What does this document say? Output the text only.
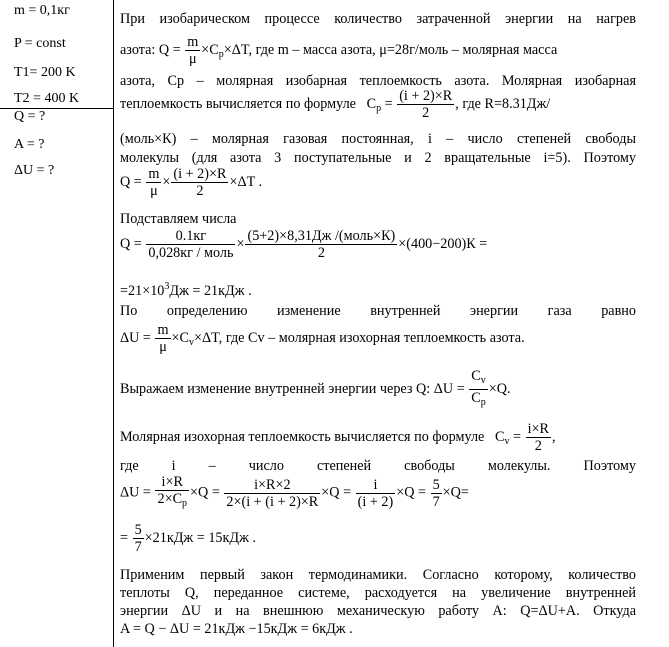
m = 0,1кг
P = const
T1= 200 K
T2 = 400 K
Q = ?
A = ?
ΔU = ?
При изобарическом процессе количество затраченной энергии на нагрев
азота: $Q = \frac{m}{\mu} \times C_p\times\Delta T$, где m – масса азота, μ=28г/моль – молярная масса
азота, Cp – молярная изобарная теплоемкость азота. Молярная изобарная
теплоемкость вычисляется по формуле   $C_p = \frac{(i + 2)\times R}{2}$ , где R=8.31Дж/
(моль×К) – молярная газовая постоянная, i – число степеней свободы
молекулы (для азота 3 поступательные и 2 вращательные i=5). Поэтому
$Q = \frac{m}{\mu} \times \frac{(i + 2)\times R}{2} \times\Delta T$ .
Подставляем числа
$Q = \frac{0.1кг}{\text{0,028кг / моль}} \times \frac{\text{(5+2)×8,31Дж /(моль×К)}}{2} \times(400-200)К$ =
$=21\times 10^3Дж = 21кДж$ .
По определению изменение внутренней энергии газа равно
$\Delta U = \frac{m}{\mu} \times C_v\times\Delta T$, где Cv – молярная изохорная теплоемкость азота.
Выражаем изменение внутренней энергии через Q: $\Delta U = \frac{C_v}{C_p} \times Q$.
Молярная изохорная теплоемкость вычисляется по формуле   $C_v = \frac{i\times R}{2}$ ,
где i – число степеней свободы молекулы. Поэтому
$\Delta U = \frac{i\times R}{2\times C_p} \times Q = \frac{i\times R\times 2}{2\times(i + (i + 2)\times R} \times Q = \frac{i}{(i + 2)} \times Q = \frac{5}{7} \times Q=$
= $\frac{5}{7} \times 21кДж = 15кДж$ .
Применим первый закон термодинамики. Согласно которому, количество
теплоты Q, переданное системе, расходуется на увеличение внутренней
энергии ΔU и на внешнюю механическую работу A: Q=ΔU+A. Откуда
A = Q − ΔU = 21кДж −15кДж = 6кДж .
